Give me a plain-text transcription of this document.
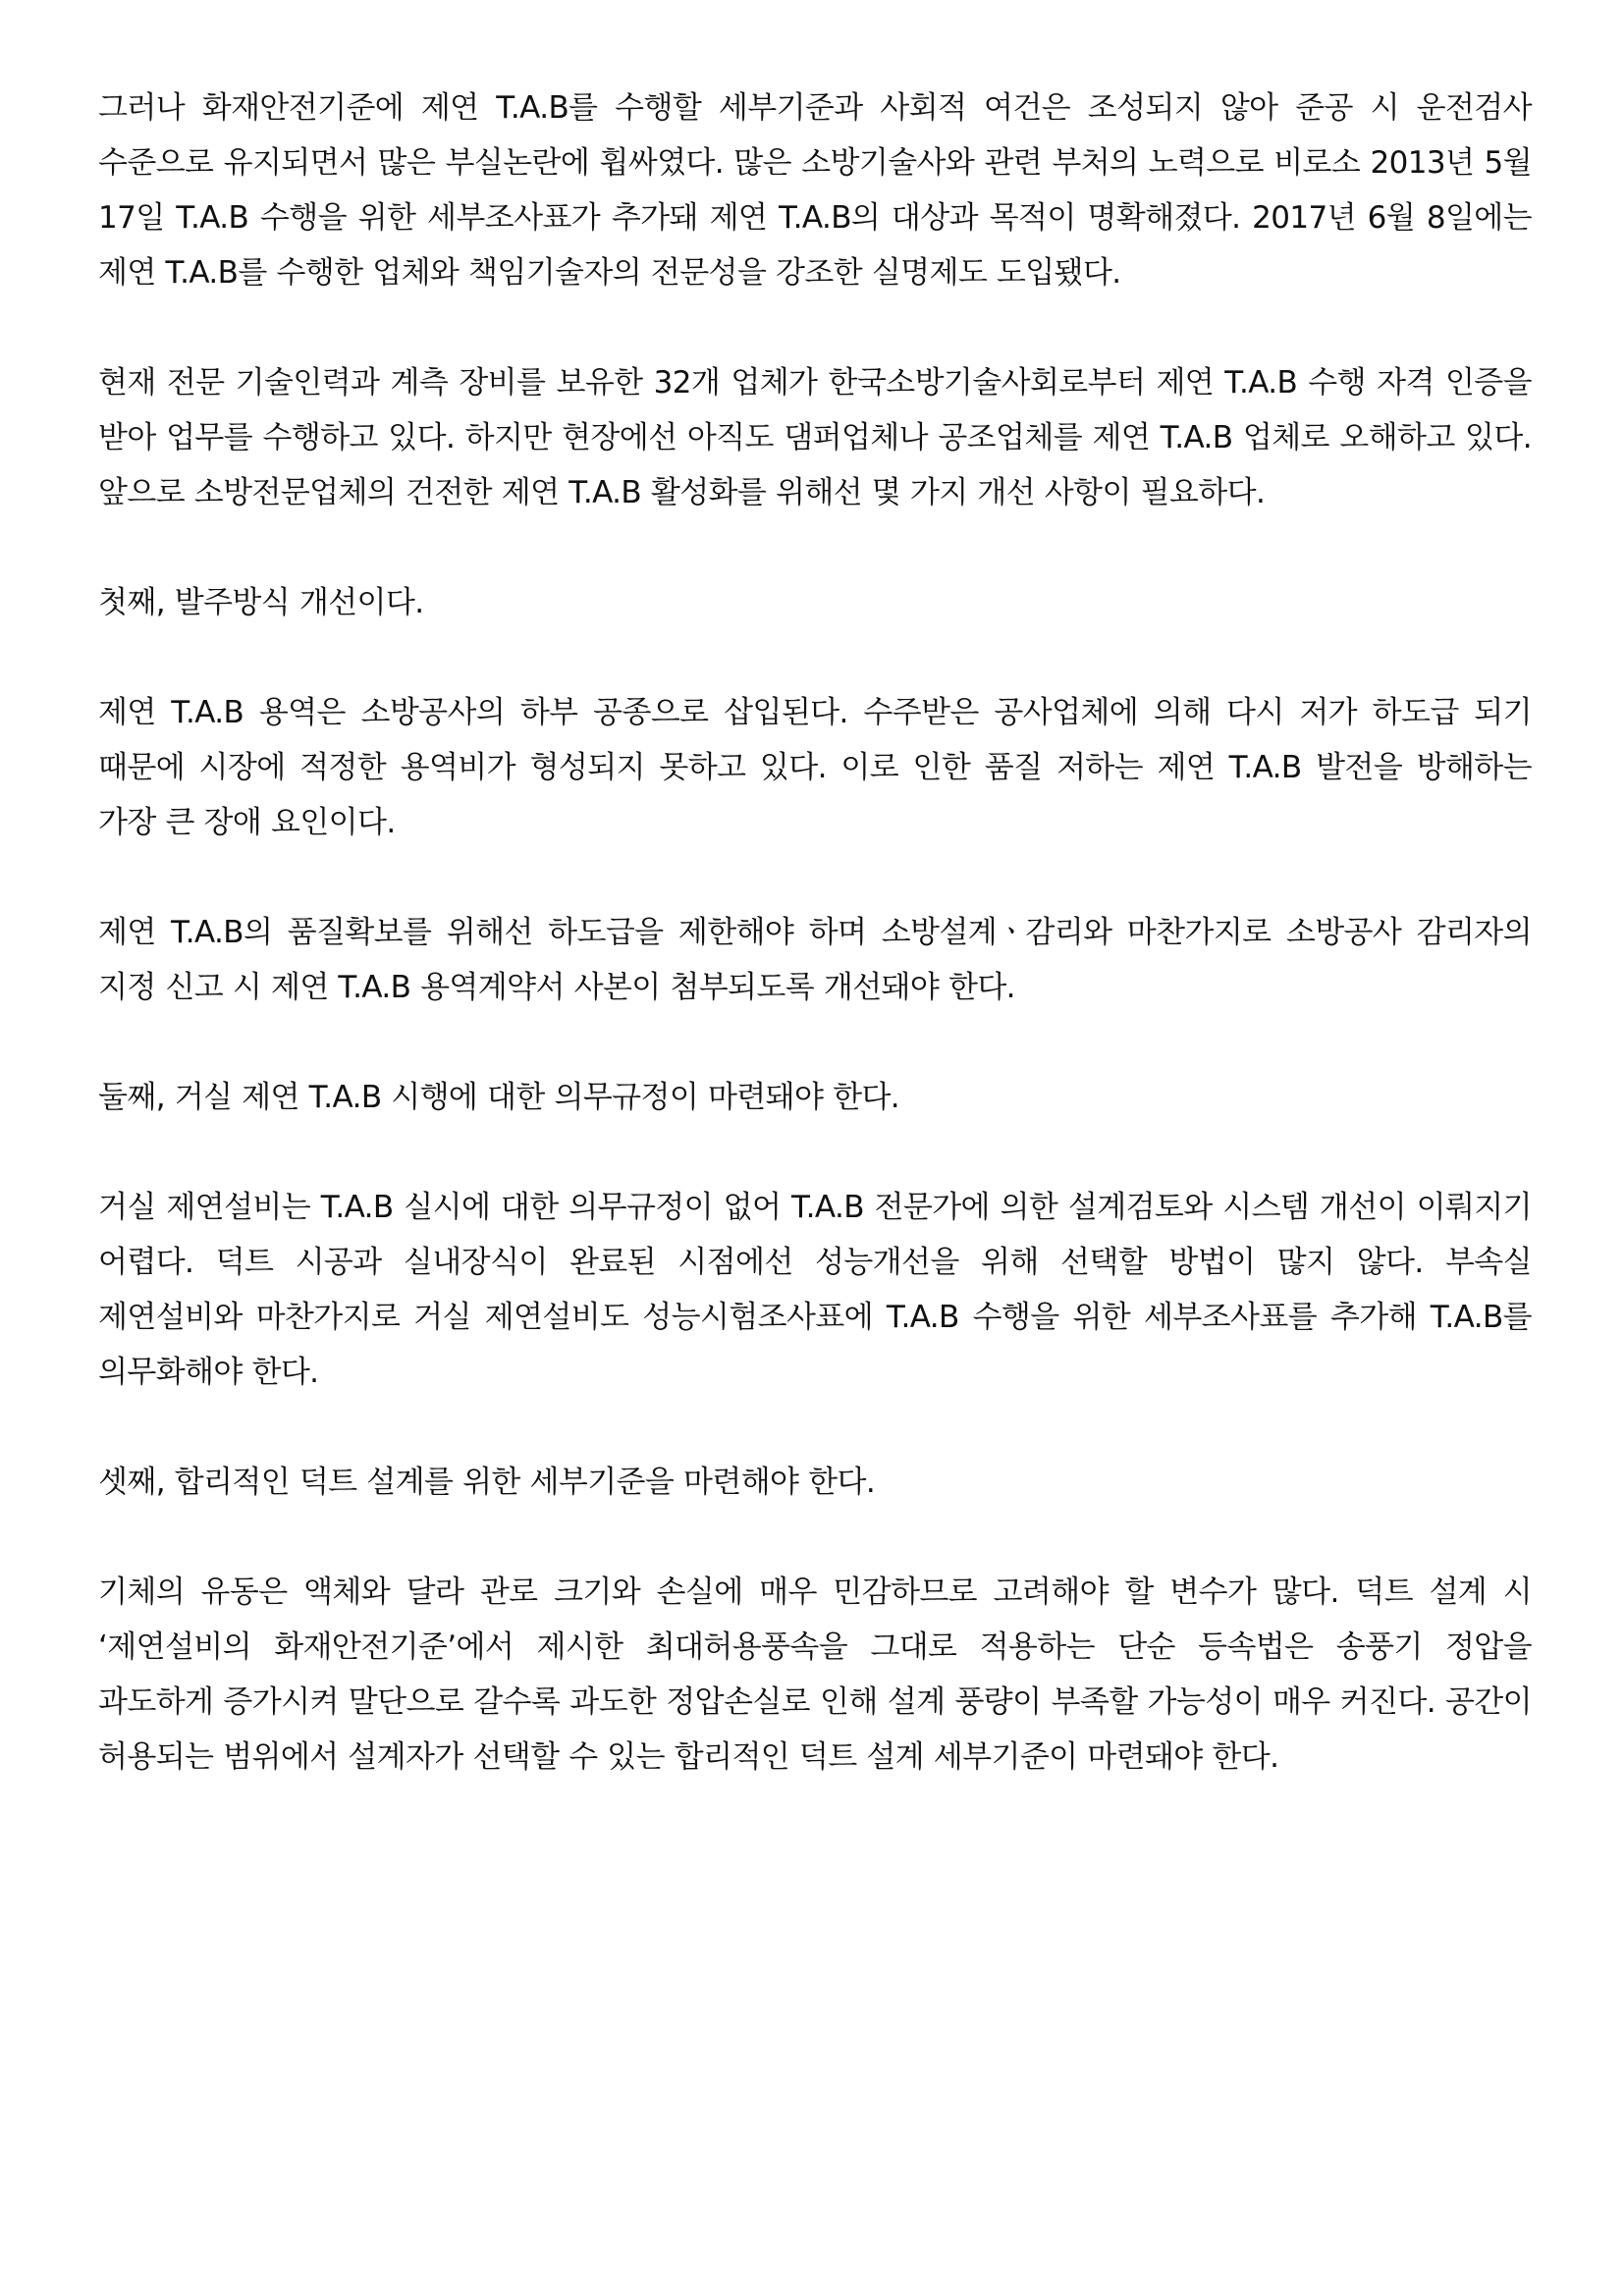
그러나 화재안전기준에 제연 T.A.B를 수행할 세부기준과 사회적 여건은 조성되지 않아 준공 시 운전검사 수준으로 유지되면서 많은 부실논란에 휩싸였다. 많은 소방기술사와 관련 부처의 노력으로 비로소 2013년 5월 17일 T.A.B 수행을 위한 세부조사표가 추가돼 제연 T.A.B의 대상과 목적이 명확해졌다. 2017년 6월 8일에는 제연 T.A.B를 수행한 업체와 책임기술자의 전문성을 강조한 실명제도 도입됐다.

현재 전문 기술인력과 계측 장비를 보유한 32개 업체가 한국소방기술사회로부터 제연 T.A.B 수행 자격 인증을 받아 업무를 수행하고 있다. 하지만 현장에선 아직도 댐퍼업체나 공조업체를 제연 T.A.B 업체로 오해하고 있다. 앞으로 소방전문업체의 건전한 제연 T.A.B 활성화를 위해선 몇 가지 개선 사항이 필요하다.

첫째, 발주방식 개선이다.

제연 T.A.B 용역은 소방공사의 하부 공종으로 삽입된다. 수주받은 공사업체에 의해 다시 저가 하도급 되기 때문에 시장에 적정한 용역비가 형성되지 못하고 있다. 이로 인한 품질 저하는 제연 T.A.B 발전을 방해하는 가장 큰 장애 요인이다.

제연 T.A.B의 품질확보를 위해선 하도급을 제한해야 하며 소방설계ㆍ감리와 마찬가지로 소방공사 감리자의 지정 신고 시 제연 T.A.B 용역계약서 사본이 첨부되도록 개선돼야 한다.

둘째, 거실 제연 T.A.B 시행에 대한 의무규정이 마련돼야 한다.

거실 제연설비는 T.A.B 실시에 대한 의무규정이 없어 T.A.B 전문가에 의한 설계검토와 시스템 개선이 이뤄지기 어렵다. 덕트 시공과 실내장식이 완료된 시점에선 성능개선을 위해 선택할 방법이 많지 않다. 부속실 제연설비와 마찬가지로 거실 제연설비도 성능시험조사표에 T.A.B 수행을 위한 세부조사표를 추가해 T.A.B를 의무화해야 한다.

셋째, 합리적인 덕트 설계를 위한 세부기준을 마련해야 한다.

기체의 유동은 액체와 달라 관로 크기와 손실에 매우 민감하므로 고려해야 할 변수가 많다. 덕트 설계 시 ‘제연설비의 화재안전기준’에서 제시한 최대허용풍속을 그대로 적용하는 단순 등속법은 송풍기 정압을 과도하게 증가시켜 말단으로 갈수록 과도한 정압손실로 인해 설계 풍량이 부족할 가능성이 매우 커진다. 공간이 허용되는 범위에서 설계자가 선택할 수 있는 합리적인 덕트 설계 세부기준이 마련돼야 한다.
